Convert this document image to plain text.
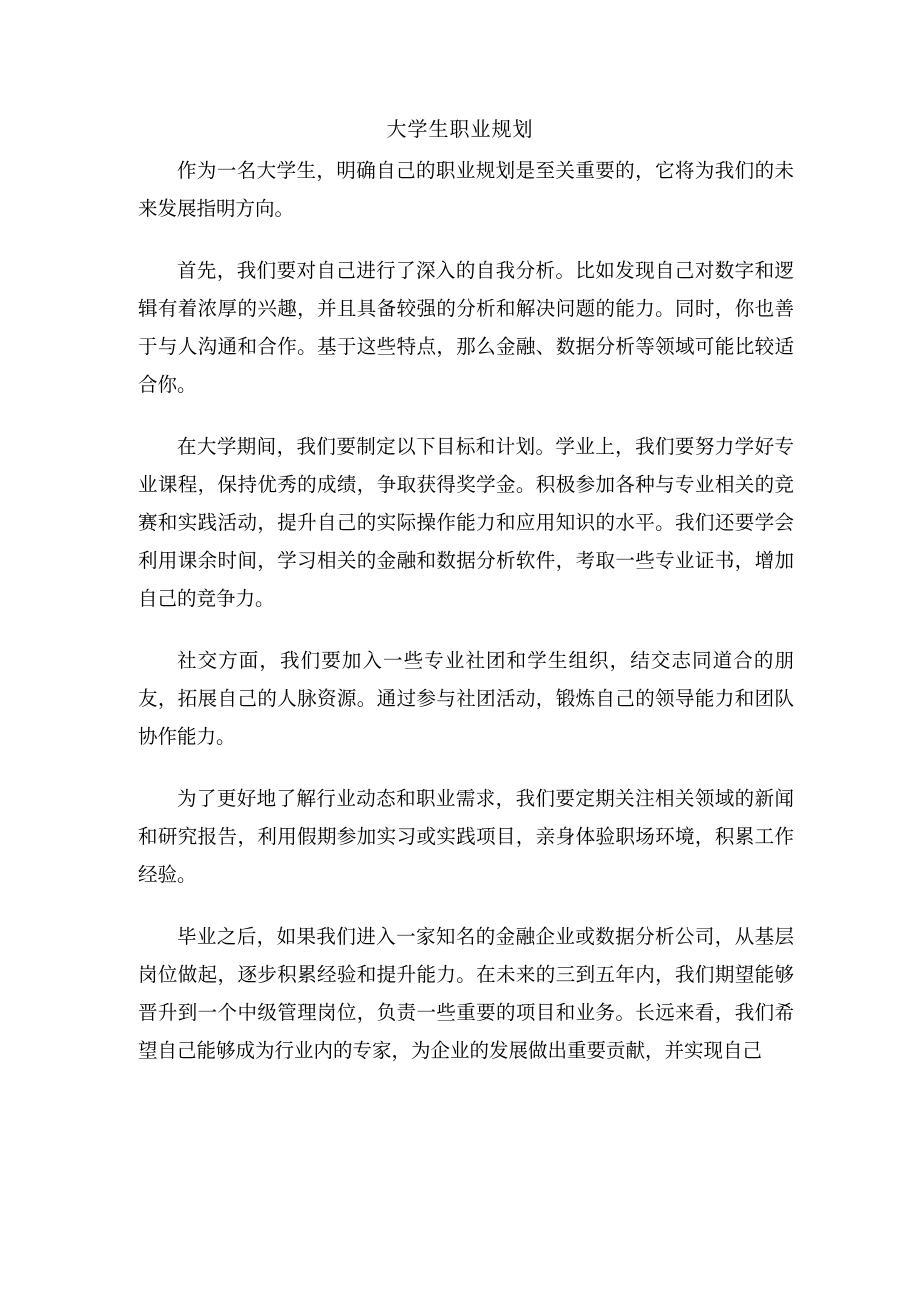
大学生职业规划

作为一名大学生，明确自己的职业规划是至关重要的，它将为我们的未来发展指明方向。

首先，我们要对自己进行了深入的自我分析。比如发现自己对数字和逻辑有着浓厚的兴趣，并且具备较强的分析和解决问题的能力。同时，你也善于与人沟通和合作。基于这些特点，那么金融、数据分析等领域可能比较适合你。

在大学期间，我们要制定以下目标和计划。学业上，我们要努力学好专业课程，保持优秀的成绩，争取获得奖学金。积极参加各种与专业相关的竞赛和实践活动，提升自己的实际操作能力和应用知识的水平。我们还要学会利用课余时间，学习相关的金融和数据分析软件，考取一些专业证书，增加自己的竞争力。

社交方面，我们要加入一些专业社团和学生组织，结交志同道合的朋友，拓展自己的人脉资源。通过参与社团活动，锻炼自己的领导能力和团队协作能力。

为了更好地了解行业动态和职业需求，我们要定期关注相关领域的新闻和研究报告，利用假期参加实习或实践项目，亲身体验职场环境，积累工作经验。

毕业之后，如果我们进入一家知名的金融企业或数据分析公司，从基层岗位做起，逐步积累经验和提升能力。在未来的三到五年内，我们期望能够晋升到一个中级管理岗位，负责一些重要的项目和业务。长远来看，我们希望自己能够成为行业内的专家，为企业的发展做出重要贡献，并实现自己
